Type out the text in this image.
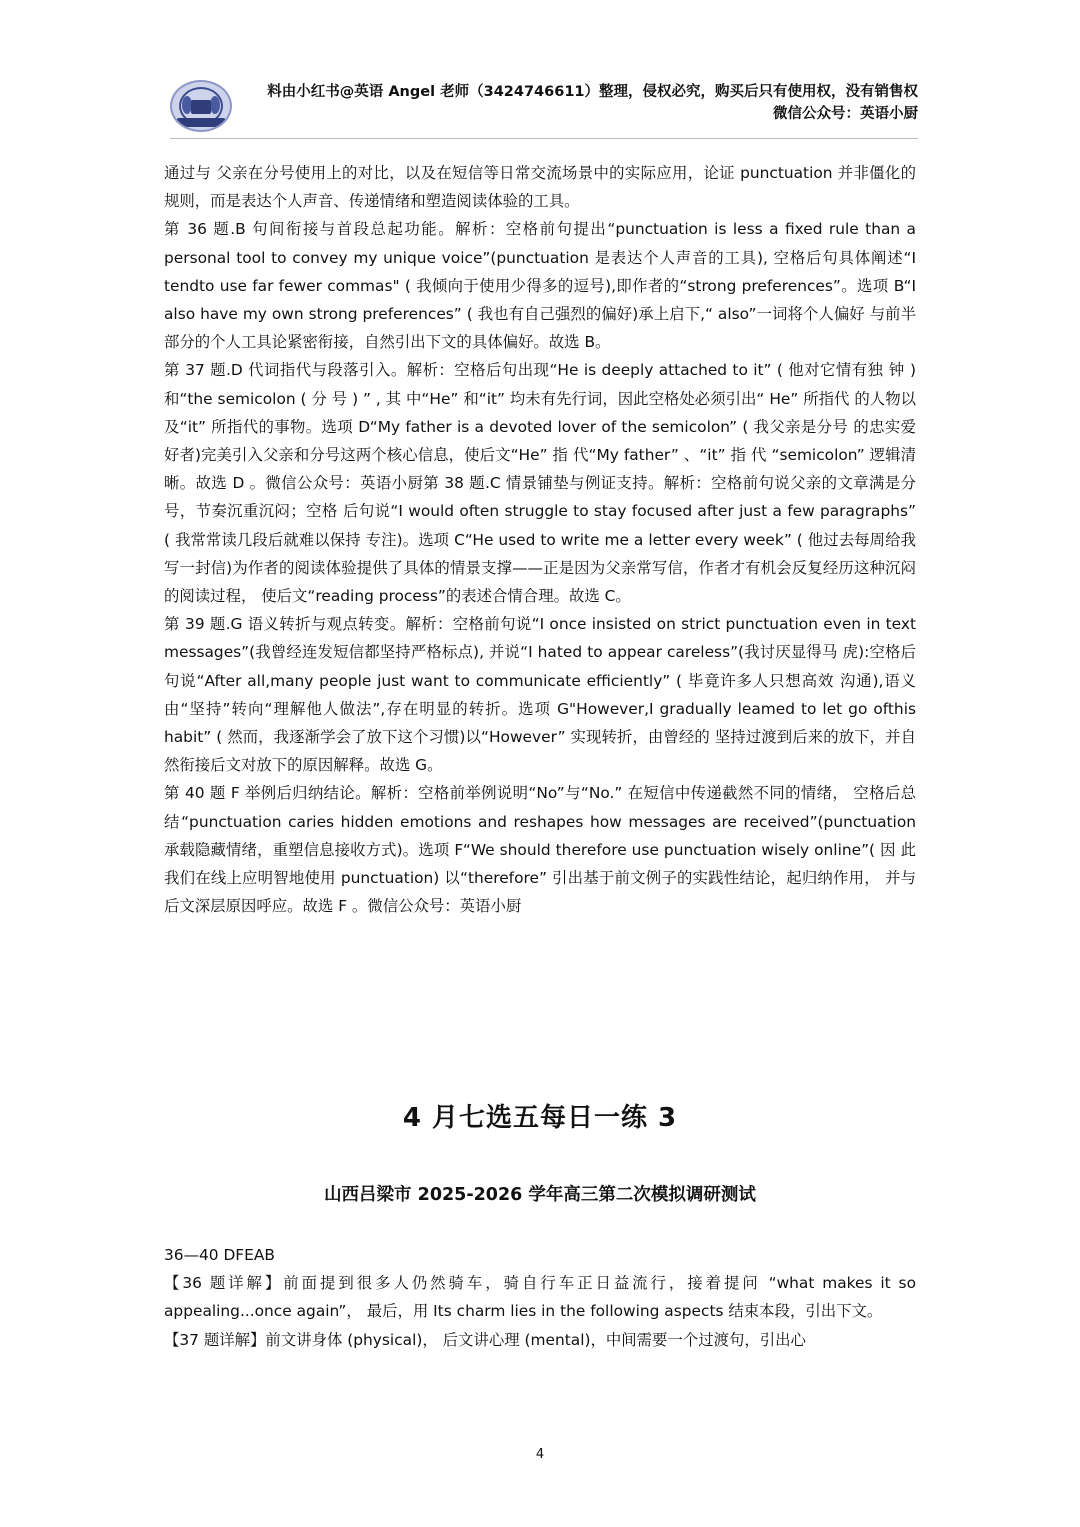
料由小红书@英语 Angel 老师（3424746611）整理，侵权必究，购买后只有使用权，没有销售权
微信公众号：英语小厨

通过与 父亲在分号使用上的对比，以及在短信等日常交流场景中的实际应用，论证 punctuation 并非僵化的 规则，而是表达个人声音、传递情绪和塑造阅读体验的工具。

第 36 题.B 句间衔接与首段总起功能。解析：空格前句提出“punctuation is less a fixed rule than a personal tool to convey my unique voice”(punctuation 是表达个人声音的工具), 空格后句具体阐述“I tendto use far fewer commas" ( 我倾向于使用少得多的逗号),即作者的“strong preferences”。选项 B“I also have my own strong preferences” ( 我也有自己强烈的偏好)承上启下,“ also”一词将个人偏好 与前半部分的个人工具论紧密衔接，自然引出下文的具体偏好。故选 B。

第 37 题.D 代词指代与段落引入。解析：空格后句出现“He is deeply attached to it” ( 他对它情有独 钟 ) 和“the semicolon ( 分 号 ) ” , 其 中“He” 和“it” 均未有先行词，因此空格处必须引出“ He” 所指代 的人物以及“it” 所指代的事物。选项 D“My father is a devoted lover of the semicolon” ( 我父亲是分号 的忠实爱好者)完美引入父亲和分号这两个核心信息，使后文“He” 指 代“My father” 、“it” 指 代 “semicolon” 逻辑清晰。故选 D 。微信公众号：英语小厨第 38 题.C 情景铺垫与例证支持。解析：空格前句说父亲的文章满是分号，节奏沉重沉闷；空格 后句说“I would often struggle to stay focused after just a few paragraphs” ( 我常常读几段后就难以保持 专注)。选项 C“He used to write me a letter every week” ( 他过去每周给我写一封信)为作者的阅读体验提供了具体的情景支撑——正是因为父亲常写信，作者才有机会反复经历这种沉闷的阅读过程， 使后文“reading process”的表述合情合理。故选 C。

第 39 题.G 语义转折与观点转变。解析：空格前句说“I once insisted on strict punctuation even in text messages”(我曾经连发短信都坚持严格标点), 并说“I hated to appear careless”(我讨厌显得马 虎):空格后句说“After all,many people just want to communicate efficiently” ( 毕竟许多人只想高效 沟通),语义由“坚持”转向“理解他人做法”,存在明显的转折。选项 G"However,I gradually leamed to let go ofthis habit” ( 然而，我逐渐学会了放下这个习惯)以“However” 实现转折，由曾经的 坚持过渡到后来的放下，并自然衔接后文对放下的原因解释。故选 G。

第 40 题 F 举例后归纳结论。解析：空格前举例说明“No”与“No.” 在短信中传递截然不同的情绪， 空格后总结“punctuation caries hidden emotions and reshapes how messages are received”(punctuation 承载隐藏情绪，重塑信息接收方式)。选项 F“We should therefore use punctuation wisely online”( 因 此我们在线上应明智地使用 punctuation) 以“therefore” 引出基于前文例子的实践性结论，起归纳作用， 并与后文深层原因呼应。故选 F 。微信公众号：英语小厨

4 月七选五每日一练 3
山西吕梁市 2025-2026 学年高三第二次模拟调研测试

36—40 DFEAB

【36 题详解】前面提到很多人仍然骑车，骑自行车正日益流行，接着提问 “what makes it so appealing...once again”， 最后，用 Its charm lies in the following aspects 结束本段，引出下文。

【37 题详解】前文讲身体 (physical)， 后文讲心理 (mental)，中间需要一个过渡句，引出心

4
